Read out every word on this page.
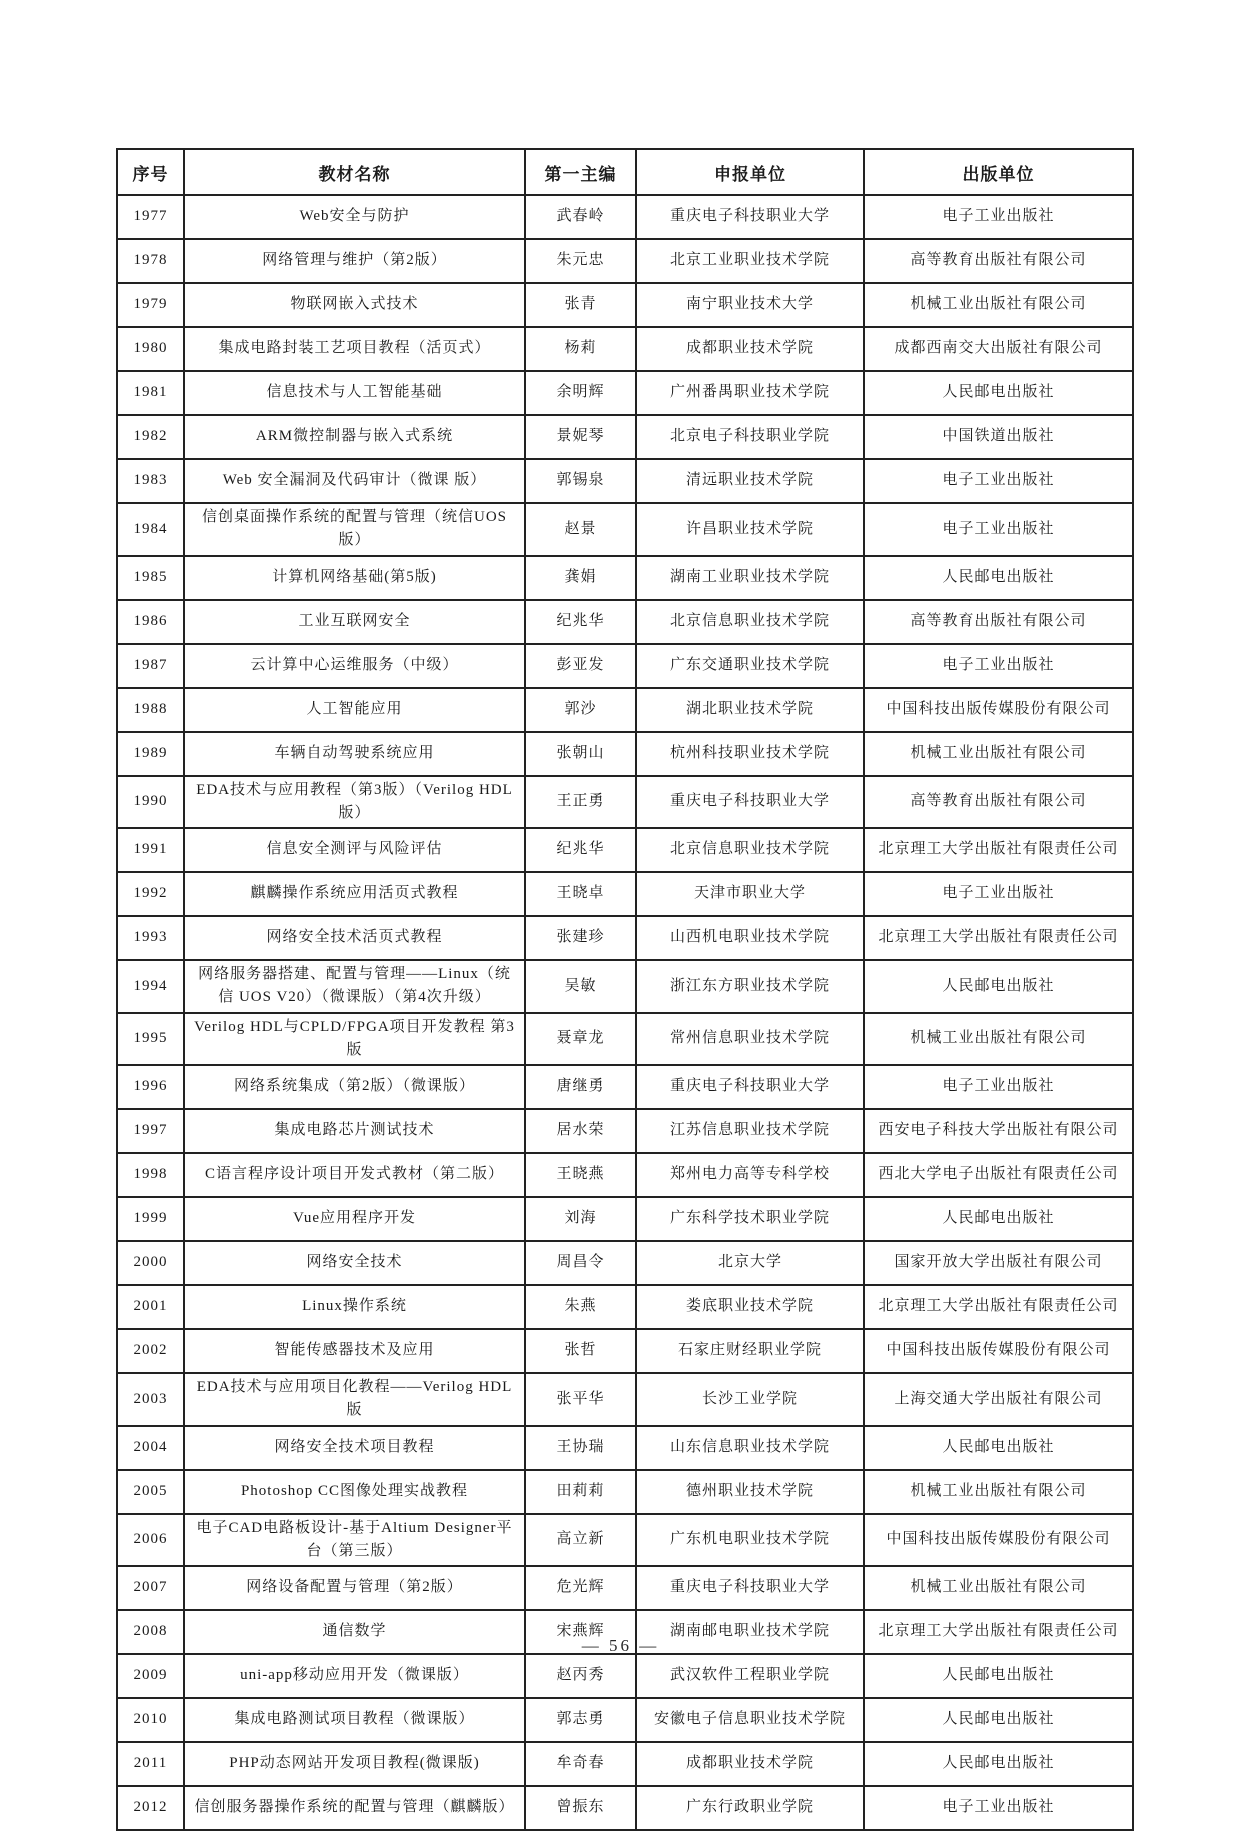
序号	教材名称	第一主编	申报单位	出版单位
1977	Web安全与防护	武春岭	重庆电子科技职业大学	电子工业出版社
1978	网络管理与维护（第2版）	朱元忠	北京工业职业技术学院	高等教育出版社有限公司
1979	物联网嵌入式技术	张青	南宁职业技术大学	机械工业出版社有限公司
1980	集成电路封装工艺项目教程（活页式）	杨莉	成都职业技术学院	成都西南交大出版社有限公司
1981	信息技术与人工智能基础	余明辉	广州番禺职业技术学院	人民邮电出版社
1982	ARM微控制器与嵌入式系统	景妮琴	北京电子科技职业学院	中国铁道出版社
1983	Web 安全漏洞及代码审计（微课 版）	郭锡泉	清远职业技术学院	电子工业出版社
1984	信创桌面操作系统的配置与管理（统信UOS版）	赵景	许昌职业技术学院	电子工业出版社
1985	计算机网络基础(第5版)	龚娟	湖南工业职业技术学院	人民邮电出版社
1986	工业互联网安全	纪兆华	北京信息职业技术学院	高等教育出版社有限公司
1987	云计算中心运维服务（中级）	彭亚发	广东交通职业技术学院	电子工业出版社
1988	人工智能应用	郭沙	湖北职业技术学院	中国科技出版传媒股份有限公司
1989	车辆自动驾驶系统应用	张朝山	杭州科技职业技术学院	机械工业出版社有限公司
1990	EDA技术与应用教程（第3版）（Verilog HDL版）	王正勇	重庆电子科技职业大学	高等教育出版社有限公司
1991	信息安全测评与风险评估	纪兆华	北京信息职业技术学院	北京理工大学出版社有限责任公司
1992	麒麟操作系统应用活页式教程	王晓卓	天津市职业大学	电子工业出版社
1993	网络安全技术活页式教程	张建珍	山西机电职业技术学院	北京理工大学出版社有限责任公司
1994	网络服务器搭建、配置与管理——Linux（统信 UOS V20）（微课版）（第4次升级）	吴敏	浙江东方职业技术学院	人民邮电出版社
1995	Verilog HDL与CPLD/FPGA项目开发教程 第3版	聂章龙	常州信息职业技术学院	机械工业出版社有限公司
1996	网络系统集成（第2版）（微课版）	唐继勇	重庆电子科技职业大学	电子工业出版社
1997	集成电路芯片测试技术	居水荣	江苏信息职业技术学院	西安电子科技大学出版社有限公司
1998	C语言程序设计项目开发式教材（第二版）	王晓燕	郑州电力高等专科学校	西北大学电子出版社有限责任公司
1999	Vue应用程序开发	刘海	广东科学技术职业学院	人民邮电出版社
2000	网络安全技术	周昌令	北京大学	国家开放大学出版社有限公司
2001	Linux操作系统	朱燕	娄底职业技术学院	北京理工大学出版社有限责任公司
2002	智能传感器技术及应用	张哲	石家庄财经职业学院	中国科技出版传媒股份有限公司
2003	EDA技术与应用项目化教程——Verilog HDL版	张平华	长沙工业学院	上海交通大学出版社有限公司
2004	网络安全技术项目教程	王协瑞	山东信息职业技术学院	人民邮电出版社
2005	Photoshop CC图像处理实战教程	田莉莉	德州职业技术学院	机械工业出版社有限公司
2006	电子CAD电路板设计-基于Altium Designer平台（第三版）	高立新	广东机电职业技术学院	中国科技出版传媒股份有限公司
2007	网络设备配置与管理（第2版）	危光辉	重庆电子科技职业大学	机械工业出版社有限公司
2008	通信数学	宋燕辉	湖南邮电职业技术学院	北京理工大学出版社有限责任公司
2009	uni-app移动应用开发（微课版）	赵丙秀	武汉软件工程职业学院	人民邮电出版社
2010	集成电路测试项目教程（微课版）	郭志勇	安徽电子信息职业技术学院	人民邮电出版社
2011	PHP动态网站开发项目教程(微课版)	牟奇春	成都职业技术学院	人民邮电出版社
2012	信创服务器操作系统的配置与管理（麒麟版）	曾振东	广东行政职业学院	电子工业出版社
— 56 —
